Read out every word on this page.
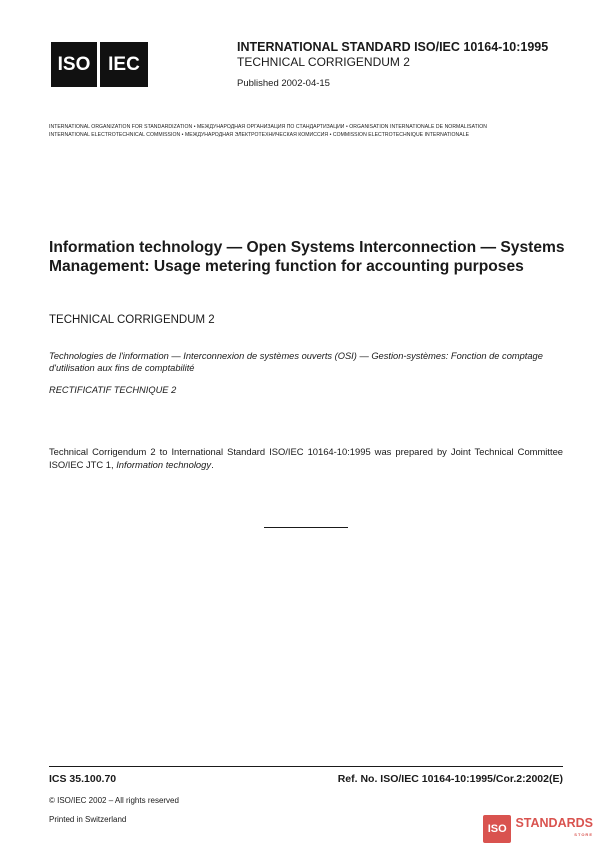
ISO IEC
INTERNATIONAL STANDARD ISO/IEC 10164-10:1995
TECHNICAL CORRIGENDUM 2
Published 2002-04-15
INTERNATIONAL ORGANIZATION FOR STANDARDIZATION • МЕЖДУНАРОДНАЯ ОРГАНИЗАЦИЯ ПО СТАНДАРТИЗАЦИИ • ORGANISATION INTERNATIONALE DE NORMALISATION
INTERNATIONAL ELECTROTECHNICAL COMMISSION • МЕЖДУНАРОДНАЯ ЭЛЕКТРОТЕХНИЧЕСКАЯ КОМИССИЯ • COMMISSION ELECTROTECHNIQUE INTERNATIONALE
Information technology — Open Systems Interconnection — Systems Management: Usage metering function for accounting purposes
TECHNICAL CORRIGENDUM 2
Technologies de l'information — Interconnexion de systèmes ouverts (OSI) — Gestion-systèmes: Fonction de comptage d'utilisation aux fins de comptabilité
RECTIFICATIF TECHNIQUE 2
Technical Corrigendum 2 to International Standard ISO/IEC 10164-10:1995 was prepared by Joint Technical Committee ISO/IEC JTC 1, Information technology.
ICS 35.100.70	Ref. No. ISO/IEC 10164-10:1995/Cor.2:2002(E)
© ISO/IEC 2002 – All rights reserved
Printed in Switzerland
ISO STANDARDS
STORE
